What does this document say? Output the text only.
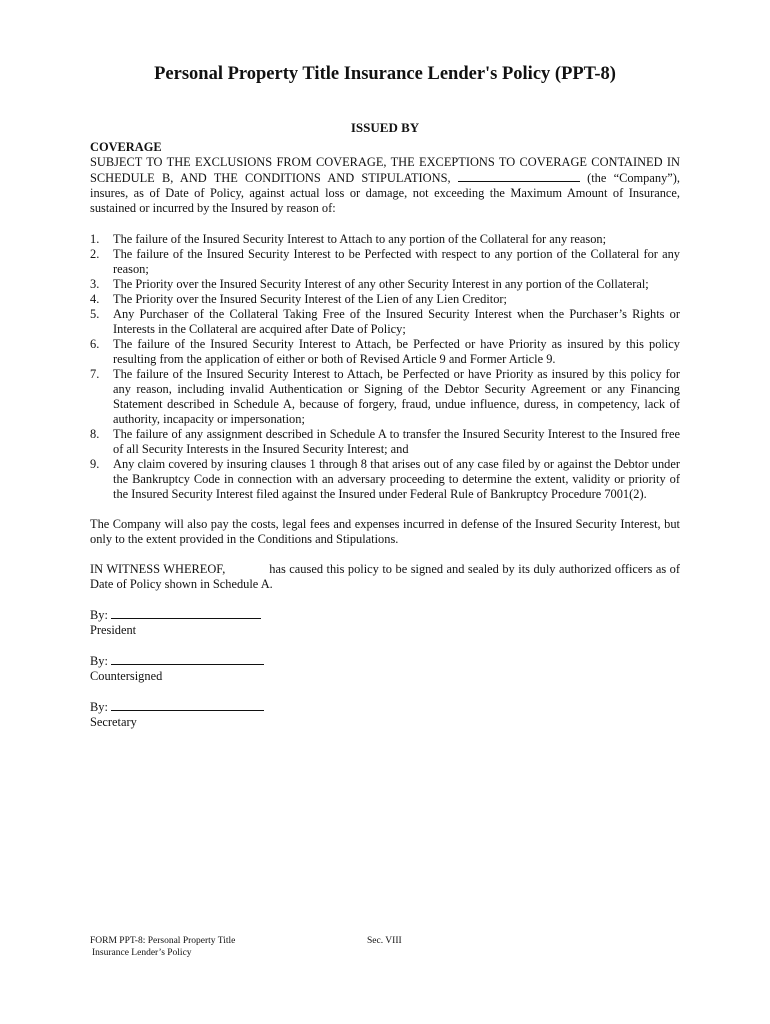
Personal Property Title Insurance Lender's Policy (PPT-8)
ISSUED BY

COVERAGE

SUBJECT TO THE EXCLUSIONS FROM COVERAGE, THE EXCEPTIONS TO COVERAGE CONTAINED IN SCHEDULE B, AND THE CONDITIONS AND STIPULATIONS,	(the “Company”), insures, as of Date of Policy, against actual loss or damage, not exceeding the Maximum Amount of Insurance, sustained or incurred by the Insured by reason of:

1. The failure of the Insured Security Interest to Attach to any portion of the Collateral for any reason;
2. The failure of the Insured Security Interest to be Perfected with respect to any portion of the Collateral for any reason;
3. The Priority over the Insured Security Interest of any other Security Interest in any portion of the Collateral;
4. The Priority over the Insured Security Interest of the Lien of any Lien Creditor;
5. Any Purchaser of the Collateral Taking Free of the Insured Security Interest when the Purchaser’s Rights or Interests in the Collateral are acquired after Date of Policy;
6. The failure of the Insured Security Interest to Attach, be Perfected or have Priority as insured by this policy resulting from the application of either or both of Revised Article 9 and Former Article 9.
7. The failure of the Insured Security Interest to Attach, be Perfected or have Priority as insured by this policy for any reason, including invalid Authentication or Signing of the Debtor Security Agreement or any Financing Statement described in Schedule A, because of forgery, fraud, undue influence, duress, in competency, lack of authority, incapacity or impersonation;
8. The failure of any assignment described in Schedule A to transfer the Insured Security Interest to the Insured free of all Security Interests in the Insured Security Interest; and
9. Any claim covered by insuring clauses 1 through 8 that arises out of any case filed by or against the Debtor under the Bankruptcy Code in connection with an adversary proceeding to determine the extent, validity or priority of the Insured Security Interest filed against the Insured under Federal Rule of Bankruptcy Procedure 7001(2).

The Company will also pay the costs, legal fees and expenses incurred in defense of the Insured Security Interest, but only to the extent provided in the Conditions and Stipulations.

IN WITNESS WHEREOF,	has caused this policy to be signed and sealed by its duly authorized officers as of Date of Policy shown in Schedule A.

By:
President
By:
Countersigned
By:
Secretary
FORM PPT-8: Personal Property Title
Insurance Lender’s Policy
Sec. VIII
